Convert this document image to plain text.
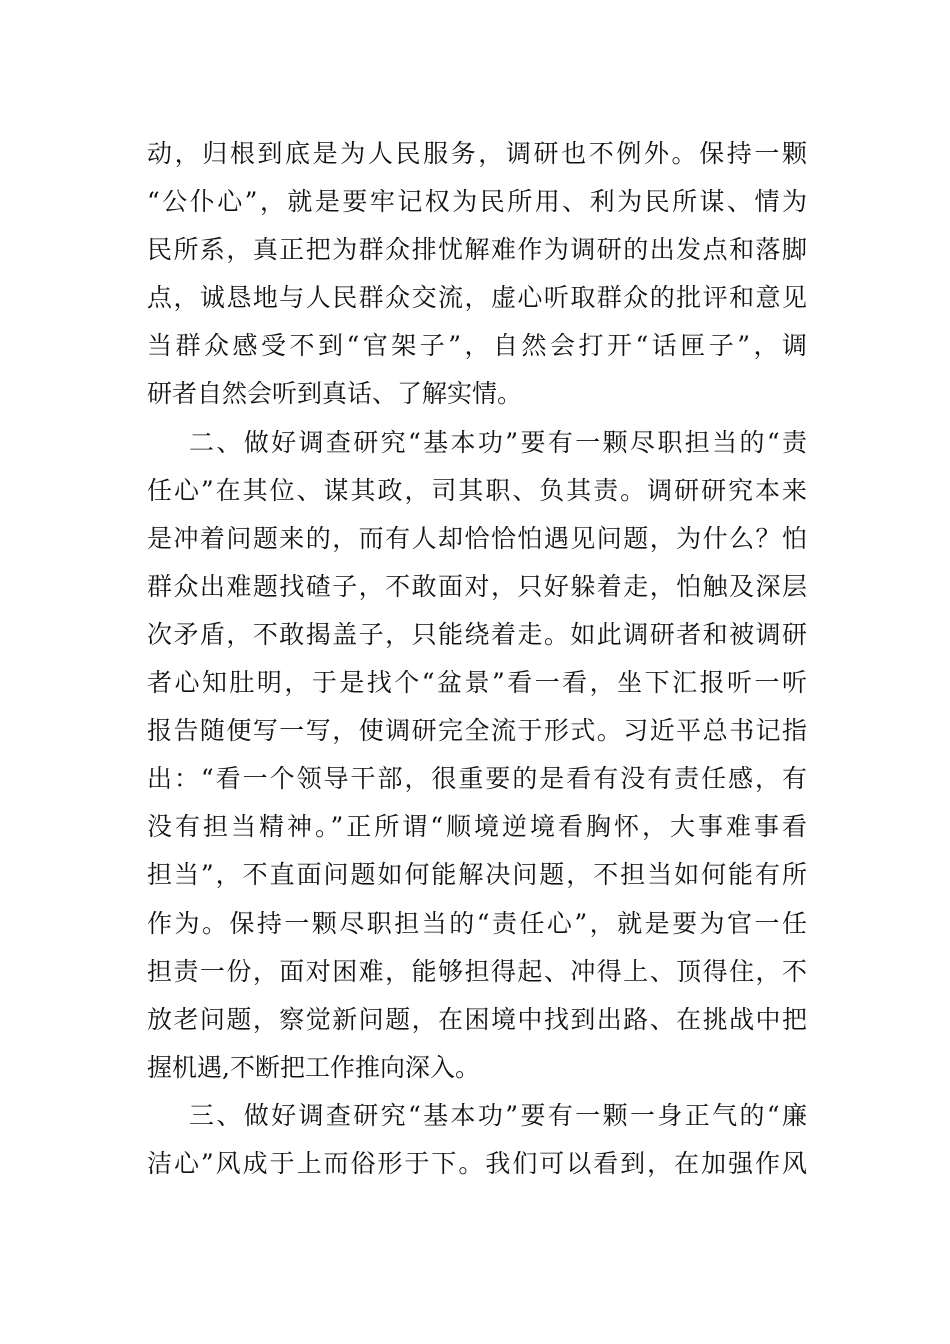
动，归根到底是为人民服务，调研也不例外。保持一颗
“公仆心”，就是要牢记权为民所用、利为民所谋、情为
民所系，真正把为群众排忧解难作为调研的出发点和落脚
点，诚恳地与人民群众交流，虚心听取群众的批评和意见
当群众感受不到“官架子”，自然会打开“话匣子”，调
研者自然会听到真话、了解实情。
二、做好调查研究“基本功”要有一颗尽职担当的“责
任心”在其位、谋其政，司其职、负其责。调研研究本来
是冲着问题来的，而有人却恰恰怕遇见问题，为什么？怕
群众出难题找碴子，不敢面对，只好躲着走，怕触及深层
次矛盾，不敢揭盖子，只能绕着走。如此调研者和被调研
者心知肚明，于是找个“盆景”看一看，坐下汇报听一听
报告随便写一写，使调研完全流于形式。习近平总书记指
出：“看一个领导干部，很重要的是看有没有责任感，有
没有担当精神。”正所谓“顺境逆境看胸怀，大事难事看
担当”，不直面问题如何能解决问题，不担当如何能有所
作为。保持一颗尽职担当的“责任心”，就是要为官一任
担责一份，面对困难，能够担得起、冲得上、顶得住，不
放老问题，察觉新问题，在困境中找到出路、在挑战中把
握机遇,不断把工作推向深入。
三、做好调查研究“基本功”要有一颗一身正气的“廉
洁心”风成于上而俗形于下。我们可以看到，在加强作风
